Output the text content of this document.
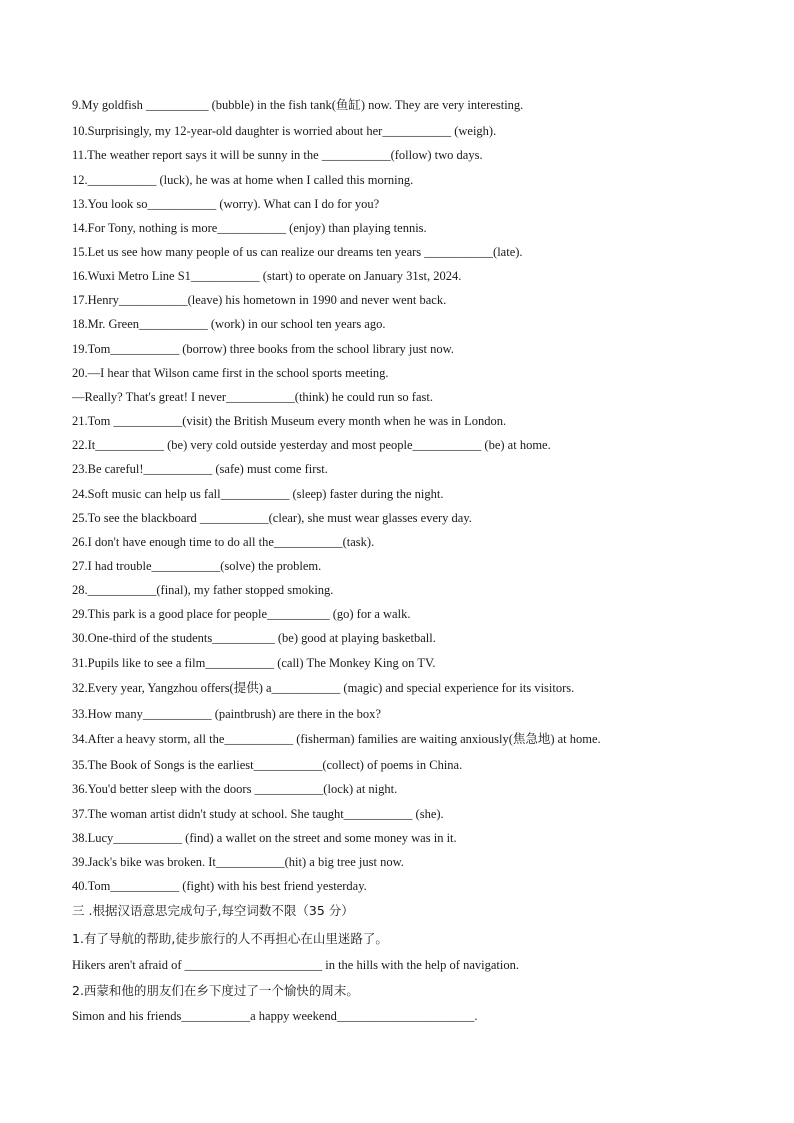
9.My goldfish __________ (bubble) in the fish tank(鱼缸) now. They are very interesting.
10.Surprisingly, my 12-year-old daughter is worried about her___________ (weigh).
11.The weather report says it will be sunny in the ___________(follow) two days.
12.___________ (luck), he was at home when I called this morning.
13.You look so___________ (worry). What can I do for you?
14.For Tony, nothing is more___________ (enjoy) than playing tennis.
15.Let us see how many people of us can realize our dreams ten years ___________(late).
16.Wuxi Metro Line S1___________ (start) to operate on January 31st, 2024.
17.Henry___________(leave) his hometown in 1990 and never went back.
18.Mr. Green___________ (work) in our school ten years ago.
19.Tom___________ (borrow) three books from the school library just now.
20.—I hear that Wilson came first in the school sports meeting.
—Really? That's great! I never___________(think) he could run so fast.
21.Tom ___________(visit) the British Museum every month when he was in London.
22.It___________ (be) very cold outside yesterday and most people___________ (be) at home.
23.Be careful!___________ (safe) must come first.
24.Soft music can help us fall___________ (sleep) faster during the night.
25.To see the blackboard ___________(clear), she must wear glasses every day.
26.I don't have enough time to do all the___________(task).
27.I had trouble___________(solve) the problem.
28.___________(final), my father stopped smoking.
29.This park is a good place for people__________ (go) for a walk.
30.One-third of the students__________ (be) good at playing basketball.
31.Pupils like to see a film___________ (call) The Monkey King on TV.
32.Every year, Yangzhou offers(提供) a___________ (magic) and special experience for its visitors.
33.How many___________ (paintbrush) are there in the box?
34.After a heavy storm, all the___________ (fisherman) families are waiting anxiously(焦急地) at home.
35.The Book of Songs is the earliest___________(collect) of poems in China.
36.You'd better sleep with the doors ___________(lock) at night.
37.The woman artist didn't study at school. She taught___________ (she).
38.Lucy___________ (find) a wallet on the street and some money was in it.
39.Jack's bike was broken. It___________(hit) a big tree just now.
40.Tom___________ (fight) with his best friend yesterday.
三 .根据汉语意思完成句子,每空词数不限（35 分）
1.有了导航的帮助,徒步旅行的人不再担心在山里迷路了。
Hikers aren't afraid of ______________________ in the hills with the help of navigation.
2.西蒙和他的朋友们在乡下度过了一个愉快的周末。
Simon and his friends___________a happy weekend______________________.
